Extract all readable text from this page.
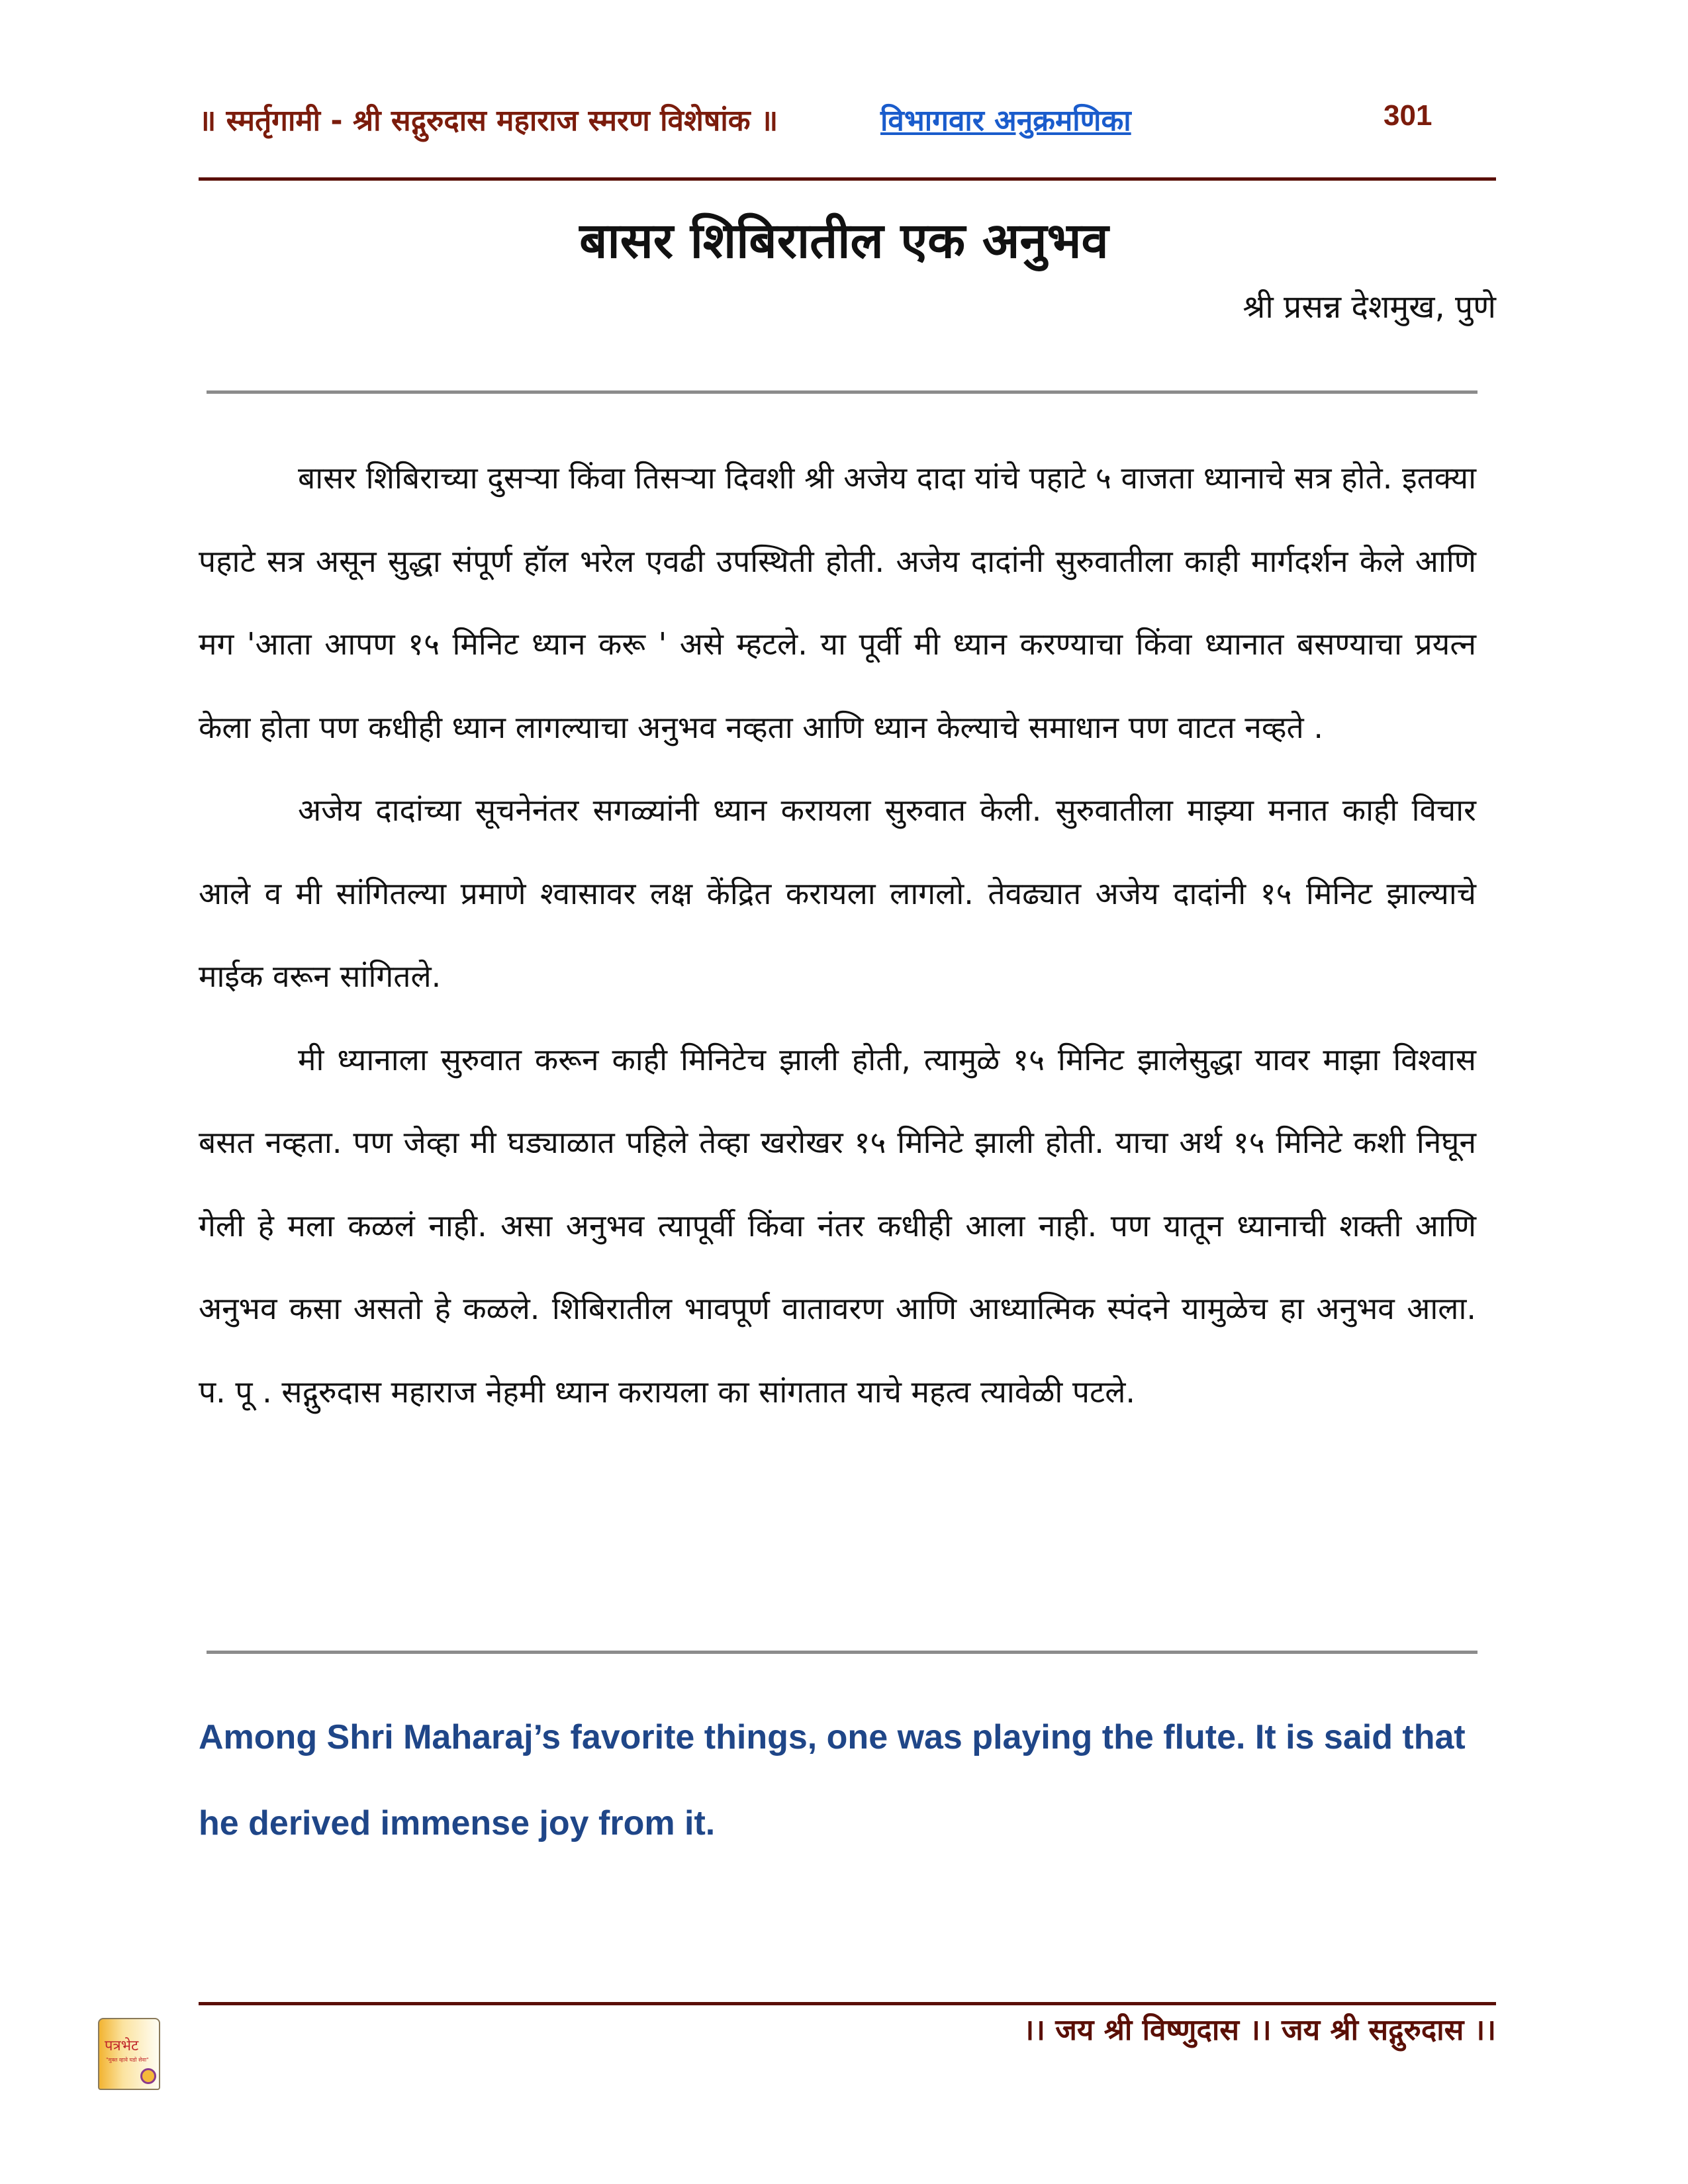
॥ स्मर्तृगामी - श्री सद्गुरुदास महाराज स्मरण विशेषांक ॥	विभागवार अनुक्रमणिका	301
बासर शिबिरातील एक अनुभव
श्री प्रसन्न देशमुख, पुणे

बासर शिबिराच्या दुसऱ्या किंवा तिसऱ्या दिवशी श्री अजेय दादा यांचे पहाटे ५ वाजता ध्यानाचे सत्र होते. इतक्या पहाटे सत्र असून सुद्धा संपूर्ण हॉल भरेल एवढी उपस्थिती होती. अजेय दादांनी सुरुवातीला काही मार्गदर्शन केले आणि मग 'आता आपण १५ मिनिट ध्यान करू ' असे म्हटले. या पूर्वी मी ध्यान करण्याचा किंवा ध्यानात बसण्याचा प्रयत्न केला होता पण कधीही ध्यान लागल्याचा अनुभव नव्हता आणि ध्यान केल्याचे समाधान पण वाटत नव्हते .

अजेय दादांच्या सूचनेनंतर सगळ्यांनी ध्यान करायला सुरुवात केली. सुरुवातीला माझ्या मनात काही विचार आले व मी सांगितल्या प्रमाणे श्वासावर लक्ष केंद्रित करायला लागलो. तेवढ्यात अजेय दादांनी १५ मिनिट झाल्याचे माईक वरून सांगितले.

मी ध्यानाला सुरुवात करून काही मिनिटेच झाली होती, त्यामुळे १५ मिनिट झालेसुद्धा यावर माझा विश्वास बसत नव्हता. पण जेव्हा मी घड्याळात पहिले तेव्हा खरोखर १५ मिनिटे झाली होती. याचा अर्थ १५ मिनिटे कशी निघून गेली हे मला कळलं नाही. असा अनुभव त्यापूर्वी किंवा नंतर कधीही आला नाही. पण यातून ध्यानाची शक्ती आणि अनुभव कसा असतो हे कळले. शिबिरातील भावपूर्ण वातावरण आणि आध्यात्मिक स्पंदने यामुळेच हा अनुभव आला. प. पू . सद्गुरुदास महाराज नेहमी ध्यान करायला का सांगतात याचे महत्व त्यावेळी पटले.

Among Shri Maharaj’s favorite things, one was playing the flute. It is said that he derived immense joy from it.
पत्रभेट
"मुक्त व्हावे घडो सेवा"
।। जय श्री विष्णुदास ।। जय श्री सद्गुरुदास ।।
